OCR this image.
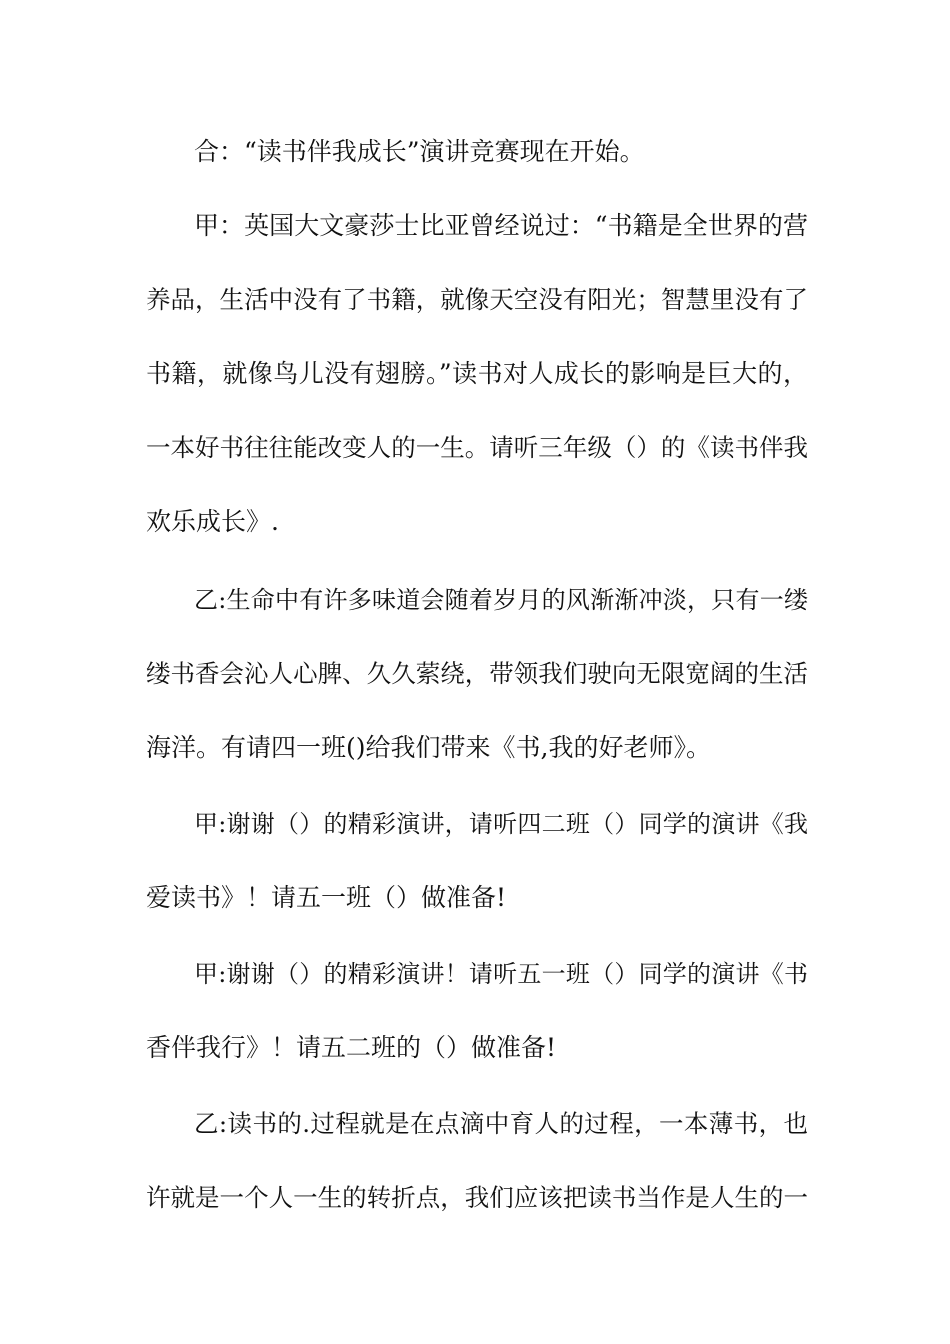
合：“读书伴我成长”演讲竞赛现在开始。
甲：英国大文豪莎士比亚曾经说过：“书籍是全世界的营
养品，生活中没有了书籍，就像天空没有阳光；智慧里没有了
书籍，就像鸟儿没有翅膀。”读书对人成长的影响是巨大的，
一本好书往往能改变人的一生。请听三年级（）的《读书伴我
欢乐成长》.
乙:生命中有许多味道会随着岁月的风渐渐冲淡，只有一缕
缕书香会沁人心脾、久久萦绕，带领我们驶向无限宽阔的生活
海洋。有请四一班()给我们带来《书,我的好老师》。
甲:谢谢（）的精彩演讲，请听四二班（）同学的演讲《我
爱读书》！请五一班（）做准备!
甲:谢谢（）的精彩演讲！请听五一班（）同学的演讲《书
香伴我行》！请五二班的（）做准备!
乙:读书的.过程就是在点滴中育人的过程，一本薄书，也
许就是一个人一生的转折点，我们应该把读书当作是人生的一
